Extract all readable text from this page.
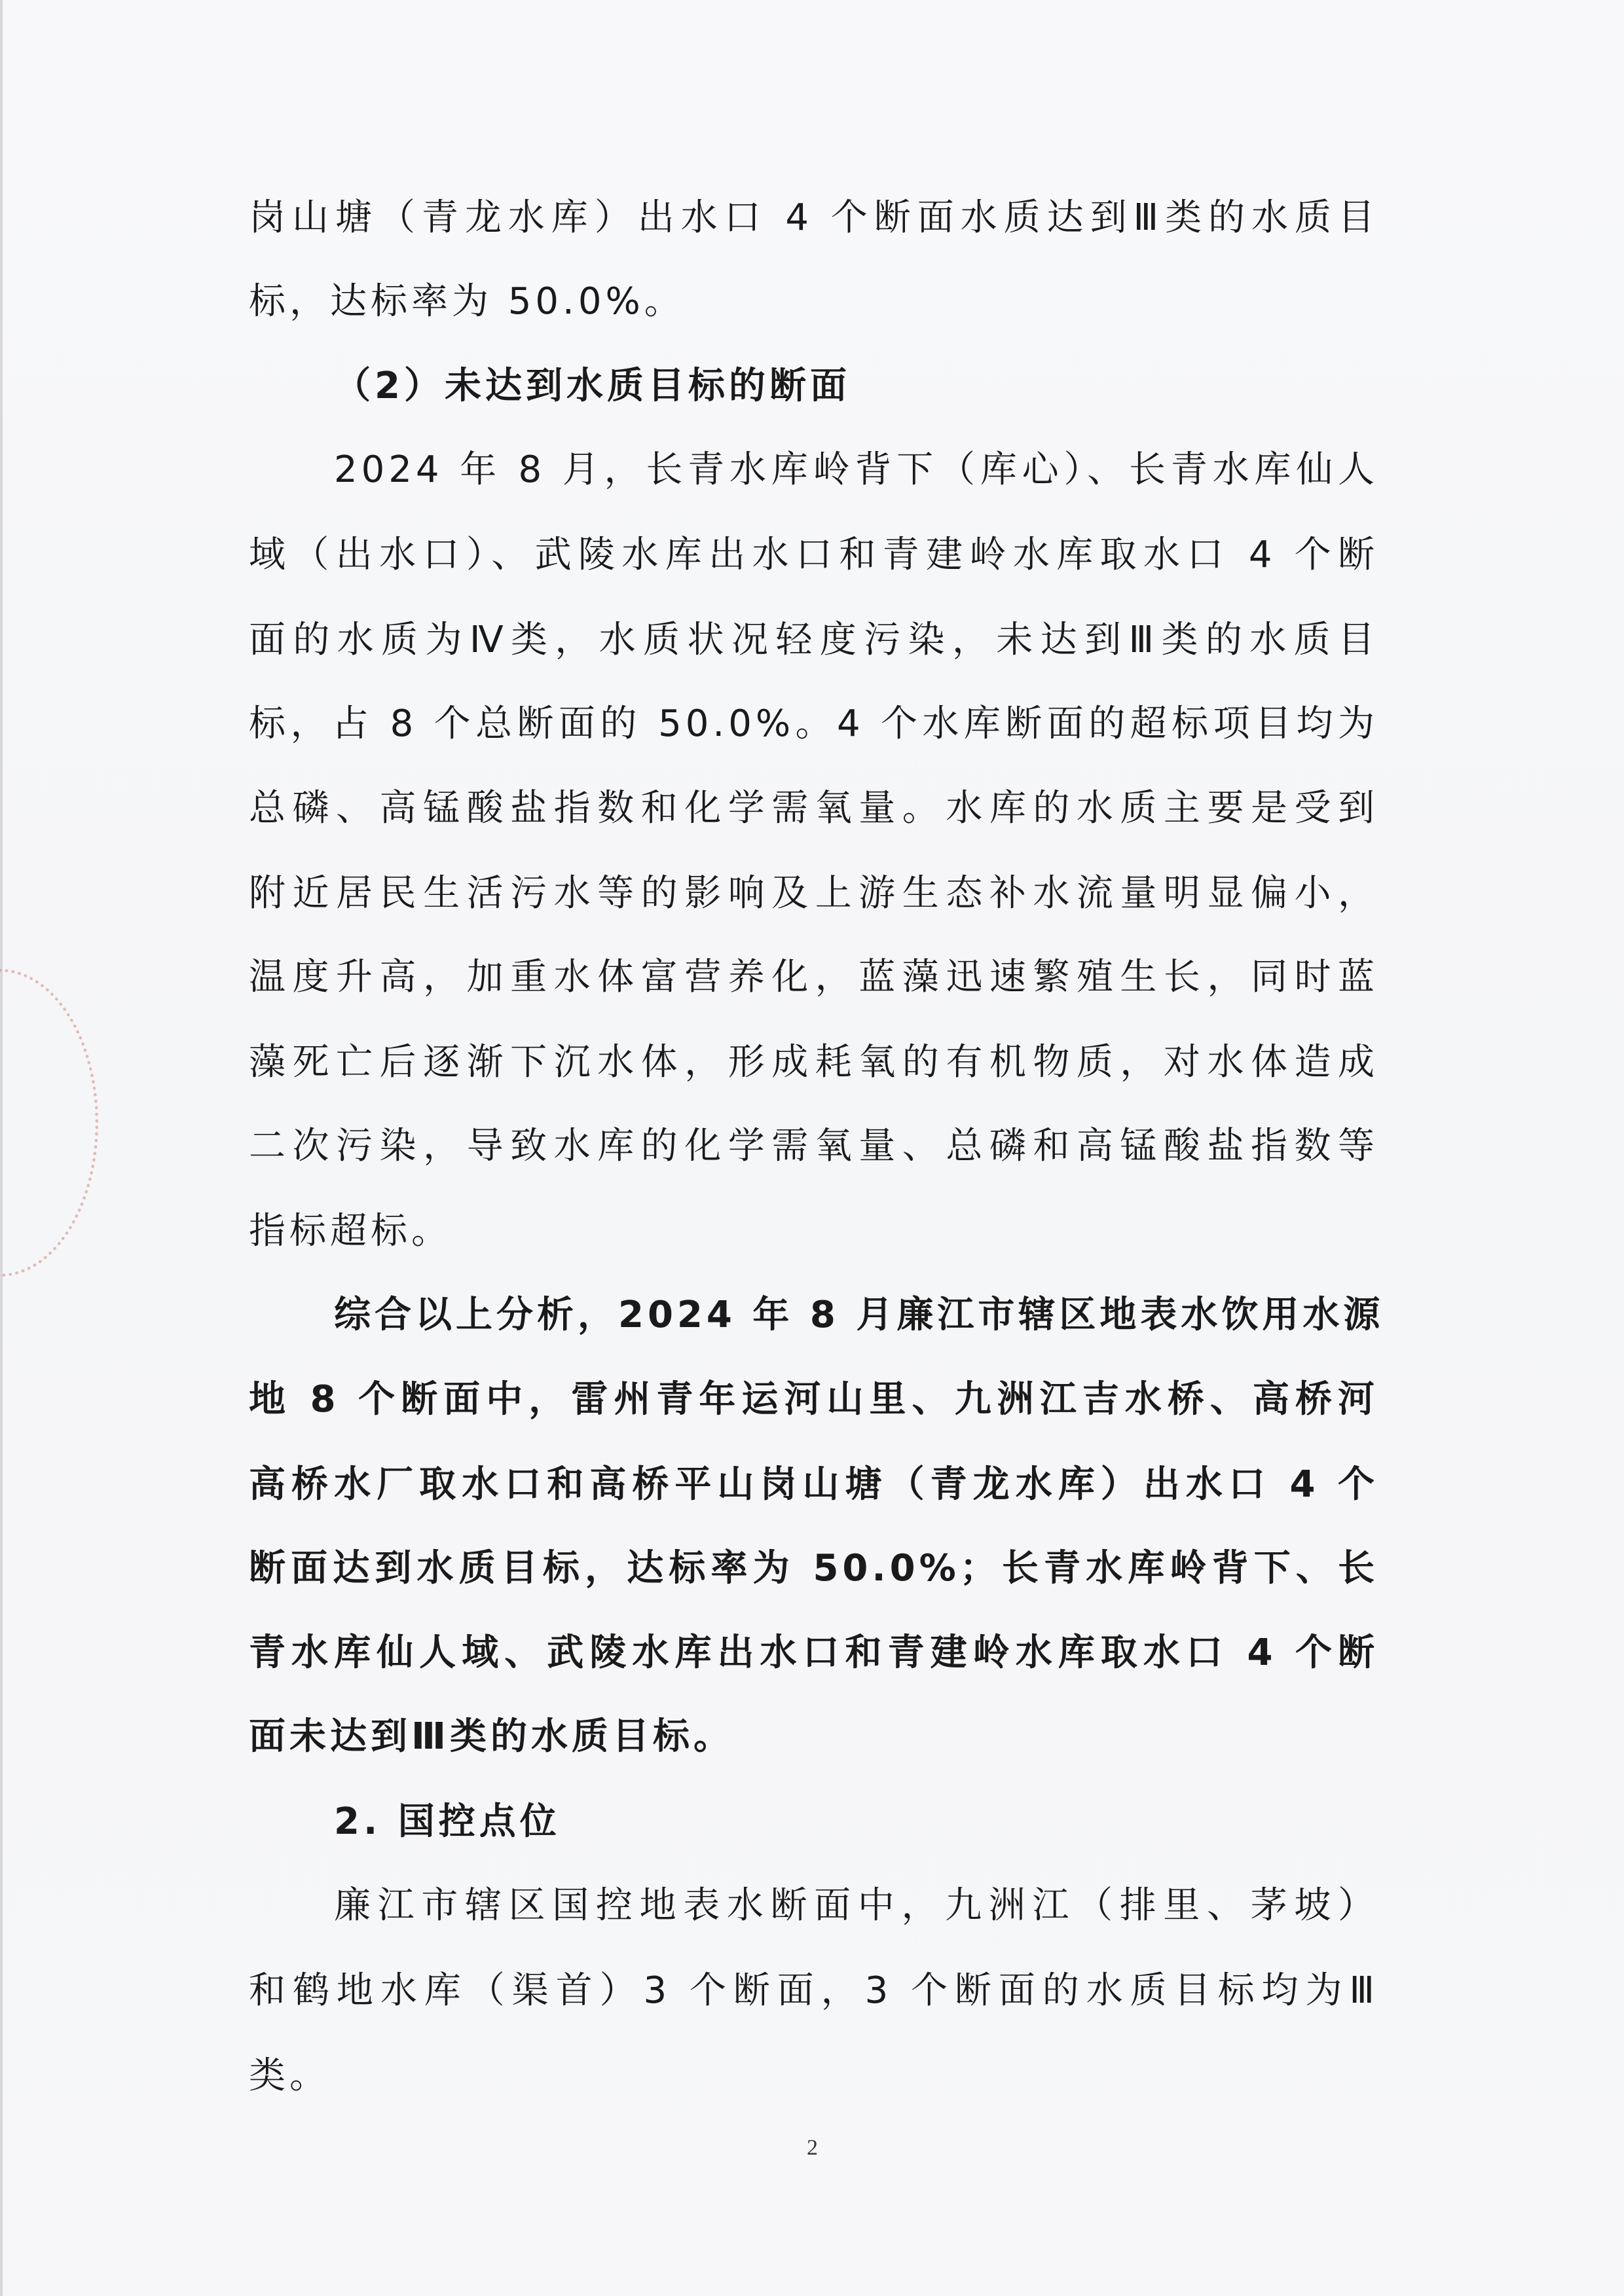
岗山塘（青龙水库）出水口 4 个断面水质达到Ⅲ类的水质目
标，达标率为 50.0%。
（2）未达到水质目标的断面
2024 年 8 月，长青水库岭背下（库心）、长青水库仙人
域（出水口）、武陵水库出水口和青建岭水库取水口 4 个断
面的水质为Ⅳ类，水质状况轻度污染，未达到Ⅲ类的水质目
标，占 8 个总断面的 50.0%。4 个水库断面的超标项目均为
总磷、高锰酸盐指数和化学需氧量。水库的水质主要是受到
附近居民生活污水等的影响及上游生态补水流量明显偏小，
温度升高，加重水体富营养化，蓝藻迅速繁殖生长，同时蓝
藻死亡后逐渐下沉水体，形成耗氧的有机物质，对水体造成
二次污染，导致水库的化学需氧量、总磷和高锰酸盐指数等
指标超标。
综合以上分析，2024 年 8 月廉江市辖区地表水饮用水源
地 8 个断面中，雷州青年运河山里、九洲江吉水桥、高桥河
高桥水厂取水口和高桥平山岗山塘（青龙水库）出水口 4 个
断面达到水质目标，达标率为 50.0%；长青水库岭背下、长
青水库仙人域、武陵水库出水口和青建岭水库取水口 4 个断
面未达到Ⅲ类的水质目标。
2. 国控点位
廉江市辖区国控地表水断面中，九洲江（排里、茅坡）
和鹤地水库（渠首）3 个断面，3 个断面的水质目标均为Ⅲ
类。
2
